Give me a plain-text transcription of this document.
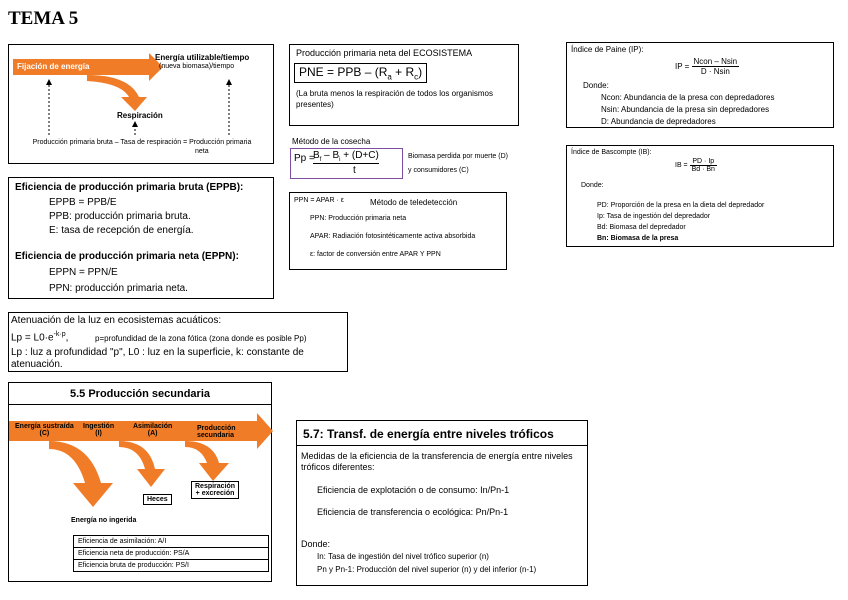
TEMA 5
Fijación de energía
Energía utilizable/tiempo
(nueva biomasa)/tiempo
Respiración
Producción primaria bruta – Tasa de respiración = Producción primaria
neta
Eficiencia de producción primaria bruta (EPPB):
EPPB = PPB/E
PPB: producción primaria bruta.
E: tasa de recepción de energía.
Eficiencia de producción primaria neta (EPPN):
EPPN = PPN/E
PPN: producción primaria neta.
Producción primaria neta del ECOSISTEMA
PNE = PPB – $(R_a + R_c)$
(La bruta menos la respiración de todos los organismos presentes)
Método de la cosecha
Pp =
$B_f - B_i + (D+C)$
t
Biomasa perdida por muerte (D)
y consumidores (C)
PPN = APAR · ε	Método de teledetección
PPN: Producción primaria neta
APAR: Radiación fotosintéticamente activa absorbida
ε: factor de conversión entre APAR Y PPN
Índice de Paine (IP):
IP = $\frac{\text{Ncon – Nsin}}{D \cdot Nsin}$
Donde:
Ncon: Abundancia de la presa con depredadores
Nsin: Abundancia de la presa sin depredadores
D: Abundancia de depredadores
Índice de Bascompte (IB):
IB = $\frac{PD \cdot Ip}{Bd \cdot Bn}$
Donde:
PD: Proporción de la presa en la dieta del depredador
Ip: Tasa de ingestión del depredador
Bd: Biomasa del depredador
Bn: Biomasa de la presa
Atenuación de la luz en ecosistemas acuáticos:
$Lp = L0\cdot e^{-k\cdot p}$,	p=profundidad de la zona fótica (zona donde es posible Pp)
Lp : luz a profundidad "p", L0 : luz en la superficie, k: constante de
atenuación.
5.5 Producción secundaria
Energía sustraída
(C)
Ingestión
(I)
Asimilación
(A)
Producción secundaria
Heces
Respiración
+ excreción
Energía no ingerida
Eficiencia de asimilación: A/I
Eficiencia neta de producción: PS/A
Eficiencia bruta de producción: PS/I
5.7: Transf. de energía entre niveles tróficos
Medidas de la eficiencia de la transferencia de energía entre niveles tróficos diferentes:
Eficiencia de explotación o de consumo: In/Pn-1
Eficiencia de transferencia o ecológica: Pn/Pn-1
Donde:
In: Tasa de ingestión del nivel trófico superior (n)
Pn y Pn-1: Producción del nivel superior (n) y del inferior (n-1)
